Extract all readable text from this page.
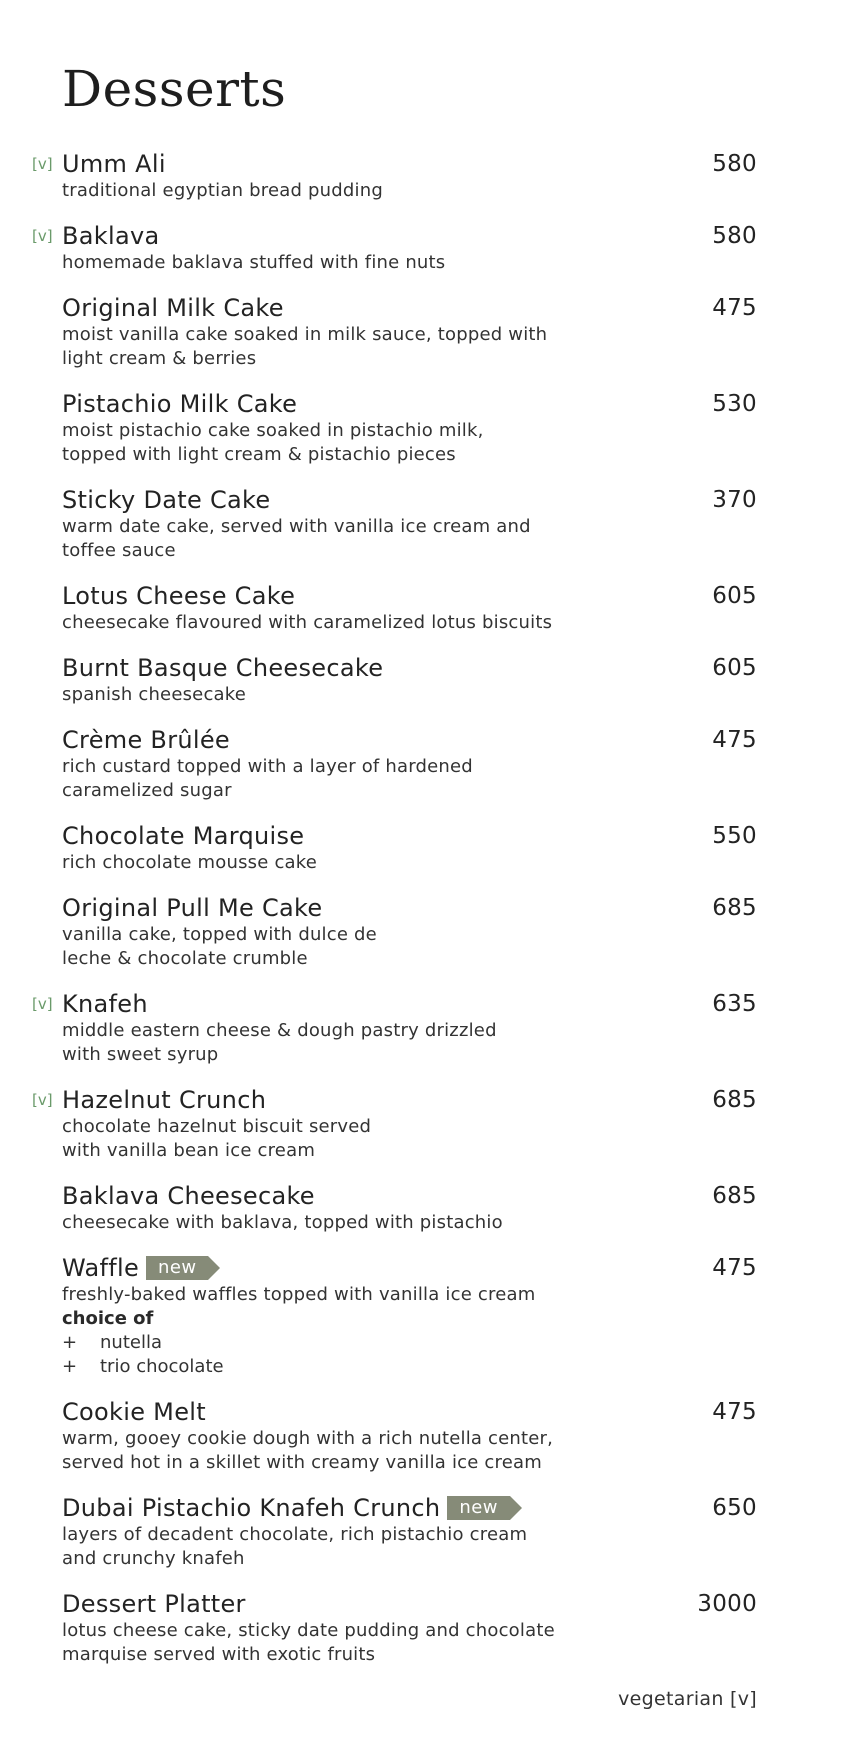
Desserts
[v] Umm Ali	580
traditional egyptian bread pudding
[v] Baklava	580
homemade baklava stuffed with fine nuts
Original Milk Cake	475
moist vanilla cake soaked in milk sauce, topped with
light cream & berries
Pistachio Milk Cake	530
moist pistachio cake soaked in pistachio milk,
topped with light cream & pistachio pieces
Sticky Date Cake	370
warm date cake, served with vanilla ice cream and
toffee sauce
Lotus Cheese Cake	605
cheesecake flavoured with caramelized lotus biscuits
Burnt Basque Cheesecake	605
spanish cheesecake
Crème Brûlée	475
rich custard topped with a layer of hardened
caramelized sugar
Chocolate Marquise	550
rich chocolate mousse cake
Original Pull Me Cake	685
vanilla cake, topped with dulce de
leche & chocolate crumble
[v] Knafeh	635
middle eastern cheese & dough pastry drizzled
with sweet syrup
[v] Hazelnut Crunch	685
chocolate hazelnut biscuit served
with vanilla bean ice cream
Baklava Cheesecake	685
cheesecake with baklava, topped with pistachio
Waffle new	475
freshly-baked waffles topped with vanilla ice cream
choice of
+ nutella
+ trio chocolate
Cookie Melt	475
warm, gooey cookie dough with a rich nutella center,
served hot in a skillet with creamy vanilla ice cream
Dubai Pistachio Knafeh Crunch new	650
layers of decadent chocolate, rich pistachio cream
and crunchy knafeh
Dessert Platter	3000
lotus cheese cake, sticky date pudding and chocolate
marquise served with exotic fruits
vegetarian [v]
